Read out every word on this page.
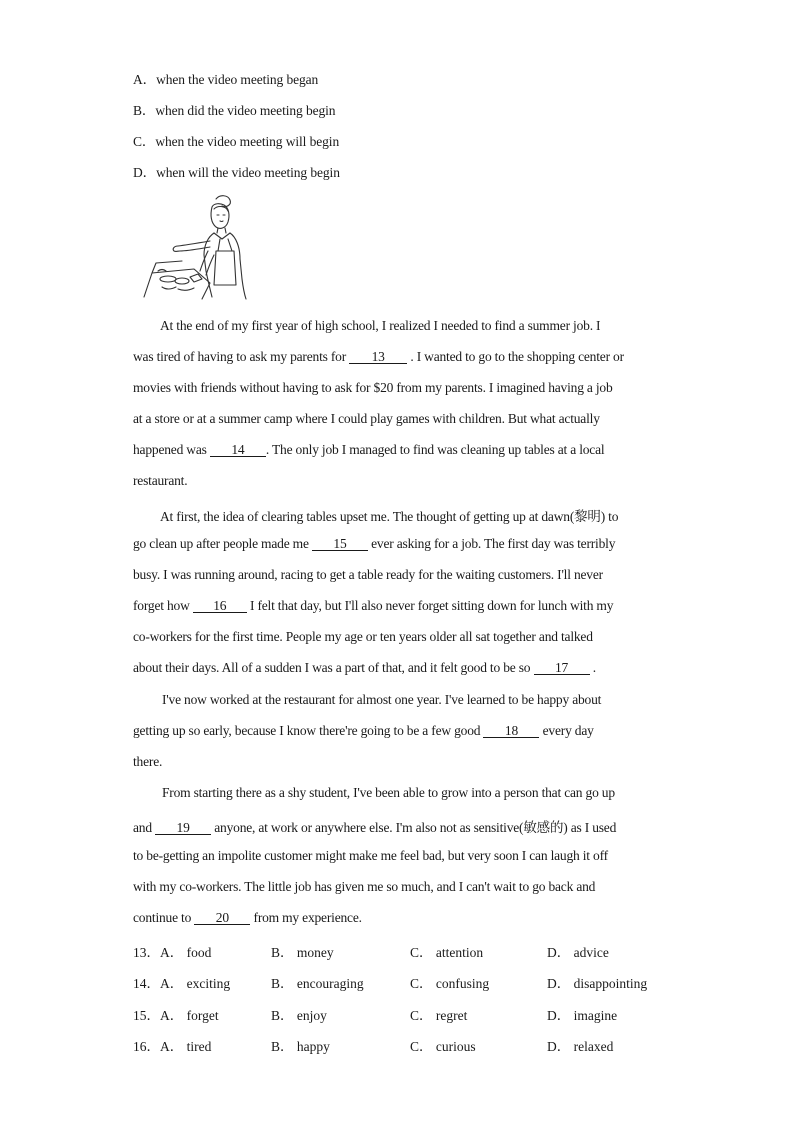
A．when the video meeting began
B．when did the video meeting begin
C．when the video meeting will begin
D．when will the video meeting begin
At the end of my first year of high school, I realized I needed to find a summer job. I
was tired of having to ask my parents for 13 . I wanted to go to the shopping center or
movies with friends without having to ask for $20 from my parents. I imagined having a job
at a store or at a summer camp where I could play games with children. But what actually
happened was 14 . The only job I managed to find was cleaning up tables at a local
restaurant.
At first, the idea of clearing tables upset me. The thought of getting up at dawn(黎明) to
go clean up after people made me 15 ever asking for a job. The first day was terribly
busy. I was running around, racing to get a table ready for the waiting customers. I'll never
forget how 16 I felt that day, but I'll also never forget sitting down for lunch with my
co-workers for the first time. People my age or ten years older all sat together and talked
about their days. All of a sudden I was a part of that, and it felt good to be so 17 .
I've now worked at the restaurant for almost one year. I've learned to be happy about
getting up so early, because I know there're going to be a few good 18 every day
there.
From starting there as a shy student, I've been able to grow into a person that can go up
and 19 anyone, at work or anywhere else. I'm also not as sensitive(敏感的) as I used
to be-getting an impolite customer might make me feel bad, but very soon I can laugh it off
with my co-workers. The little job has given me so much, and I can't wait to go back and
continue to 20 from my experience.
13． A． food	B． money	C． attention	D． advice
14． A． exciting	B． encouraging	C． confusing	D． disappointing
15． A． forget	B． enjoy	C． regret	D． imagine
16． A． tired	B． happy	C． curious	D． relaxed
